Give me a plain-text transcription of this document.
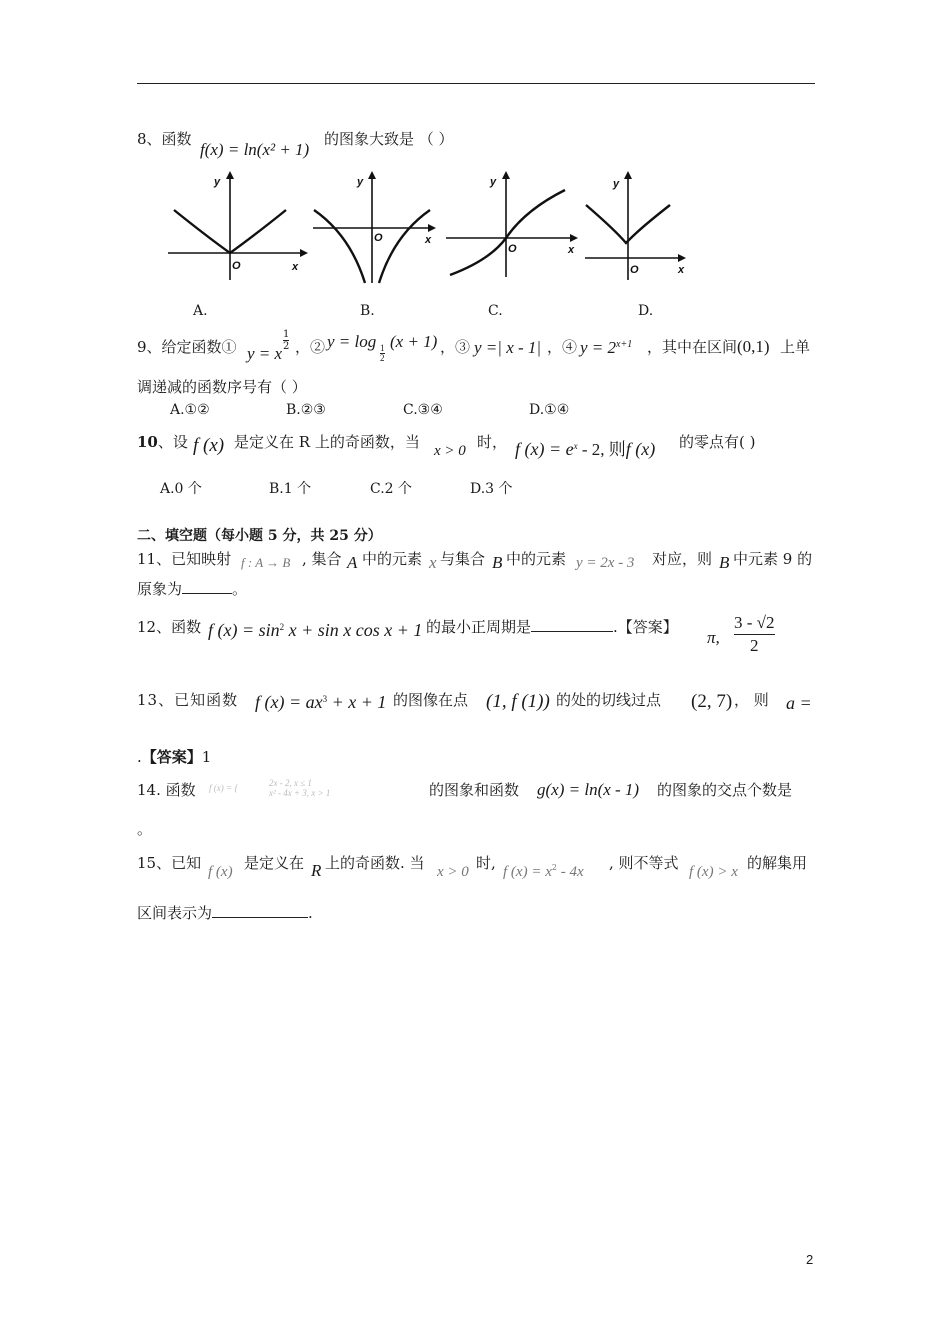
8、函数
f(x) = ln(x² + 1)
的图象大致是 （ ）
y
x
O
y
x
O
y
x
O
y
x
O
A.	B.	C.	D.
9、给定函数① y = x
$\frac{1}{2}$ ，② y = log
$\frac{1}{2}$
(x + 1) ，③ y =| x - 1| ，④ $y = 2^{x+1}$ ，其中在区间 (0,1) 上单
调递减的函数序号有（ ）
A.①②	B.②③	C.③④	D.①④
10、设 f (x) 是定义在 R 上的奇函数，当 x > 0 时， f $(x) = e^x - 2$, 则f (x) 的零点有( )
A.0 个	B.1 个	C.2 个	D.3 个
二、填空题（每小题 5 分，共 25 分）
11、已知映射 f : A → B , 集合 A 中的元素 x 与集合 B 中的元素 y = 2x - 3 对应，则 B 中元素 9 的
原象为	。
12、函数 f $(x) = \sin^2 x + \sin x$ cos x + 1 的最小正周期是	.【答案】
π, $\frac{3 - √2}{2}$
13、已知函数 f $(x) = ax^3 + x + 1$ 的图像在点 (1, f (1)) 的处的切线过点 (2, 7) ， 则 a =
.【答案】1
14. 函数 f (x) = {	2x - 2, x ≤ 1
x² - 4x + 3, x > 1	的图象和函数 g(x) = ln(x - 1) 的图象的交点个数是
。
15、已知 f (x) 是定义在 R 上的奇函数. 当 x > 0 时, f $(x) = x^2 - 4x$ , 则不等式 f (x) > x 的解集用
区间表示为	.
2
